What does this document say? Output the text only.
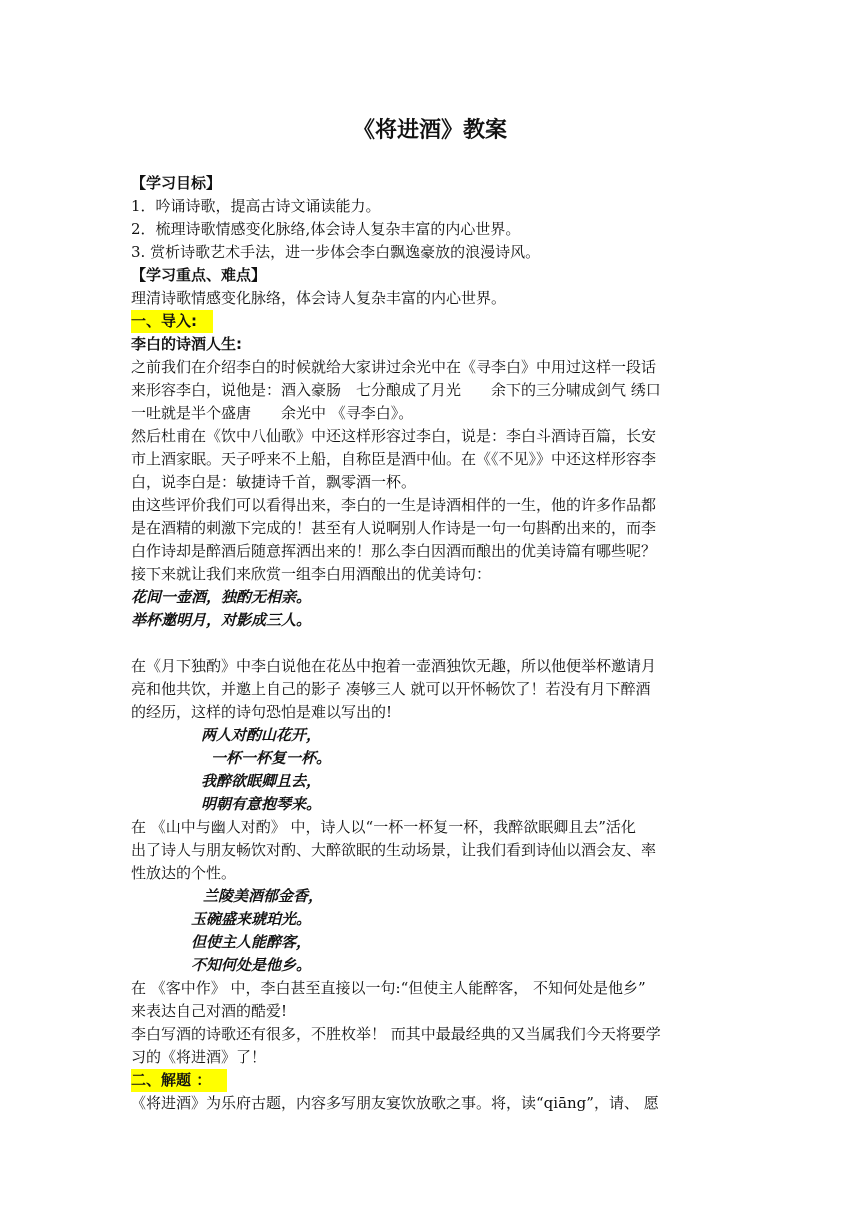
《将进酒》教案
【学习目标】
1．吟诵诗歌，提高古诗文诵读能力。
2．梳理诗歌情感变化脉络,体会诗人复杂丰富的内心世界。
3. 赏析诗歌艺术手法，进一步体会李白飘逸豪放的浪漫诗风。
【学习重点、难点】
理清诗歌情感变化脉络，体会诗人复杂丰富的内心世界。
一、导入:
李白的诗酒人生:
之前我们在介绍李白的时候就给大家讲过余光中在《寻李白》中用过这样一段话
来形容李白，说他是：酒入豪肠　七分酿成了月光　　余下的三分啸成剑气 绣口
一吐就是半个盛唐　　余光中 《寻李白》。
然后杜甫在《饮中八仙歌》中还这样形容过李白，说是：李白斗酒诗百篇，长安
市上酒家眠。天子呼来不上船，自称臣是酒中仙。在《《不见》》中还这样形容李
白，说李白是：敏捷诗千首，飘零酒一杯。
由这些评价我们可以看得出来，李白的一生是诗酒相伴的一生，他的许多作品都
是在酒精的刺激下完成的！甚至有人说啊别人作诗是一句一句斟酌出来的，而李
白作诗却是醉酒后随意挥洒出来的！那么李白因酒而酿出的优美诗篇有哪些呢？
接下来就让我们来欣赏一组李白用酒酿出的优美诗句：
花间一壶酒，独酌无相亲。
举杯邀明月，对影成三人。
在《月下独酌》中李白说他在花丛中抱着一壶酒独饮无趣，所以他便举杯邀请月
亮和他共饮，并邀上自己的影子 凑够三人 就可以开怀畅饮了！若没有月下醉酒
的经历，这样的诗句恐怕是难以写出的!
两人对酌山花开，
一杯一杯复一杯。
我醉欲眠卿且去，
明朝有意抱琴来。
在 《山中与幽人对酌》 中，诗人以“一杯一杯复一杯，我醉欲眠卿且去”活化
出了诗人与朋友畅饮对酌、大醉欲眠的生动场景，让我们看到诗仙以酒会友、率
性放达的个性。
兰陵美酒郁金香，
玉碗盛来琥珀光。
但使主人能醉客，
不知何处是他乡。
在 《客中作》 中，李白甚至直接以一句:“但使主人能醉客， 不知何处是他乡”
来表达自己对酒的酷爱!
李白写酒的诗歌还有很多，不胜枚举！ 而其中最最经典的又当属我们今天将要学
习的《将进酒》了！
二、解题 ：
《将进酒》为乐府古题，内容多写朋友宴饮放歌之事。将，读“qiāng”，请、 愿
